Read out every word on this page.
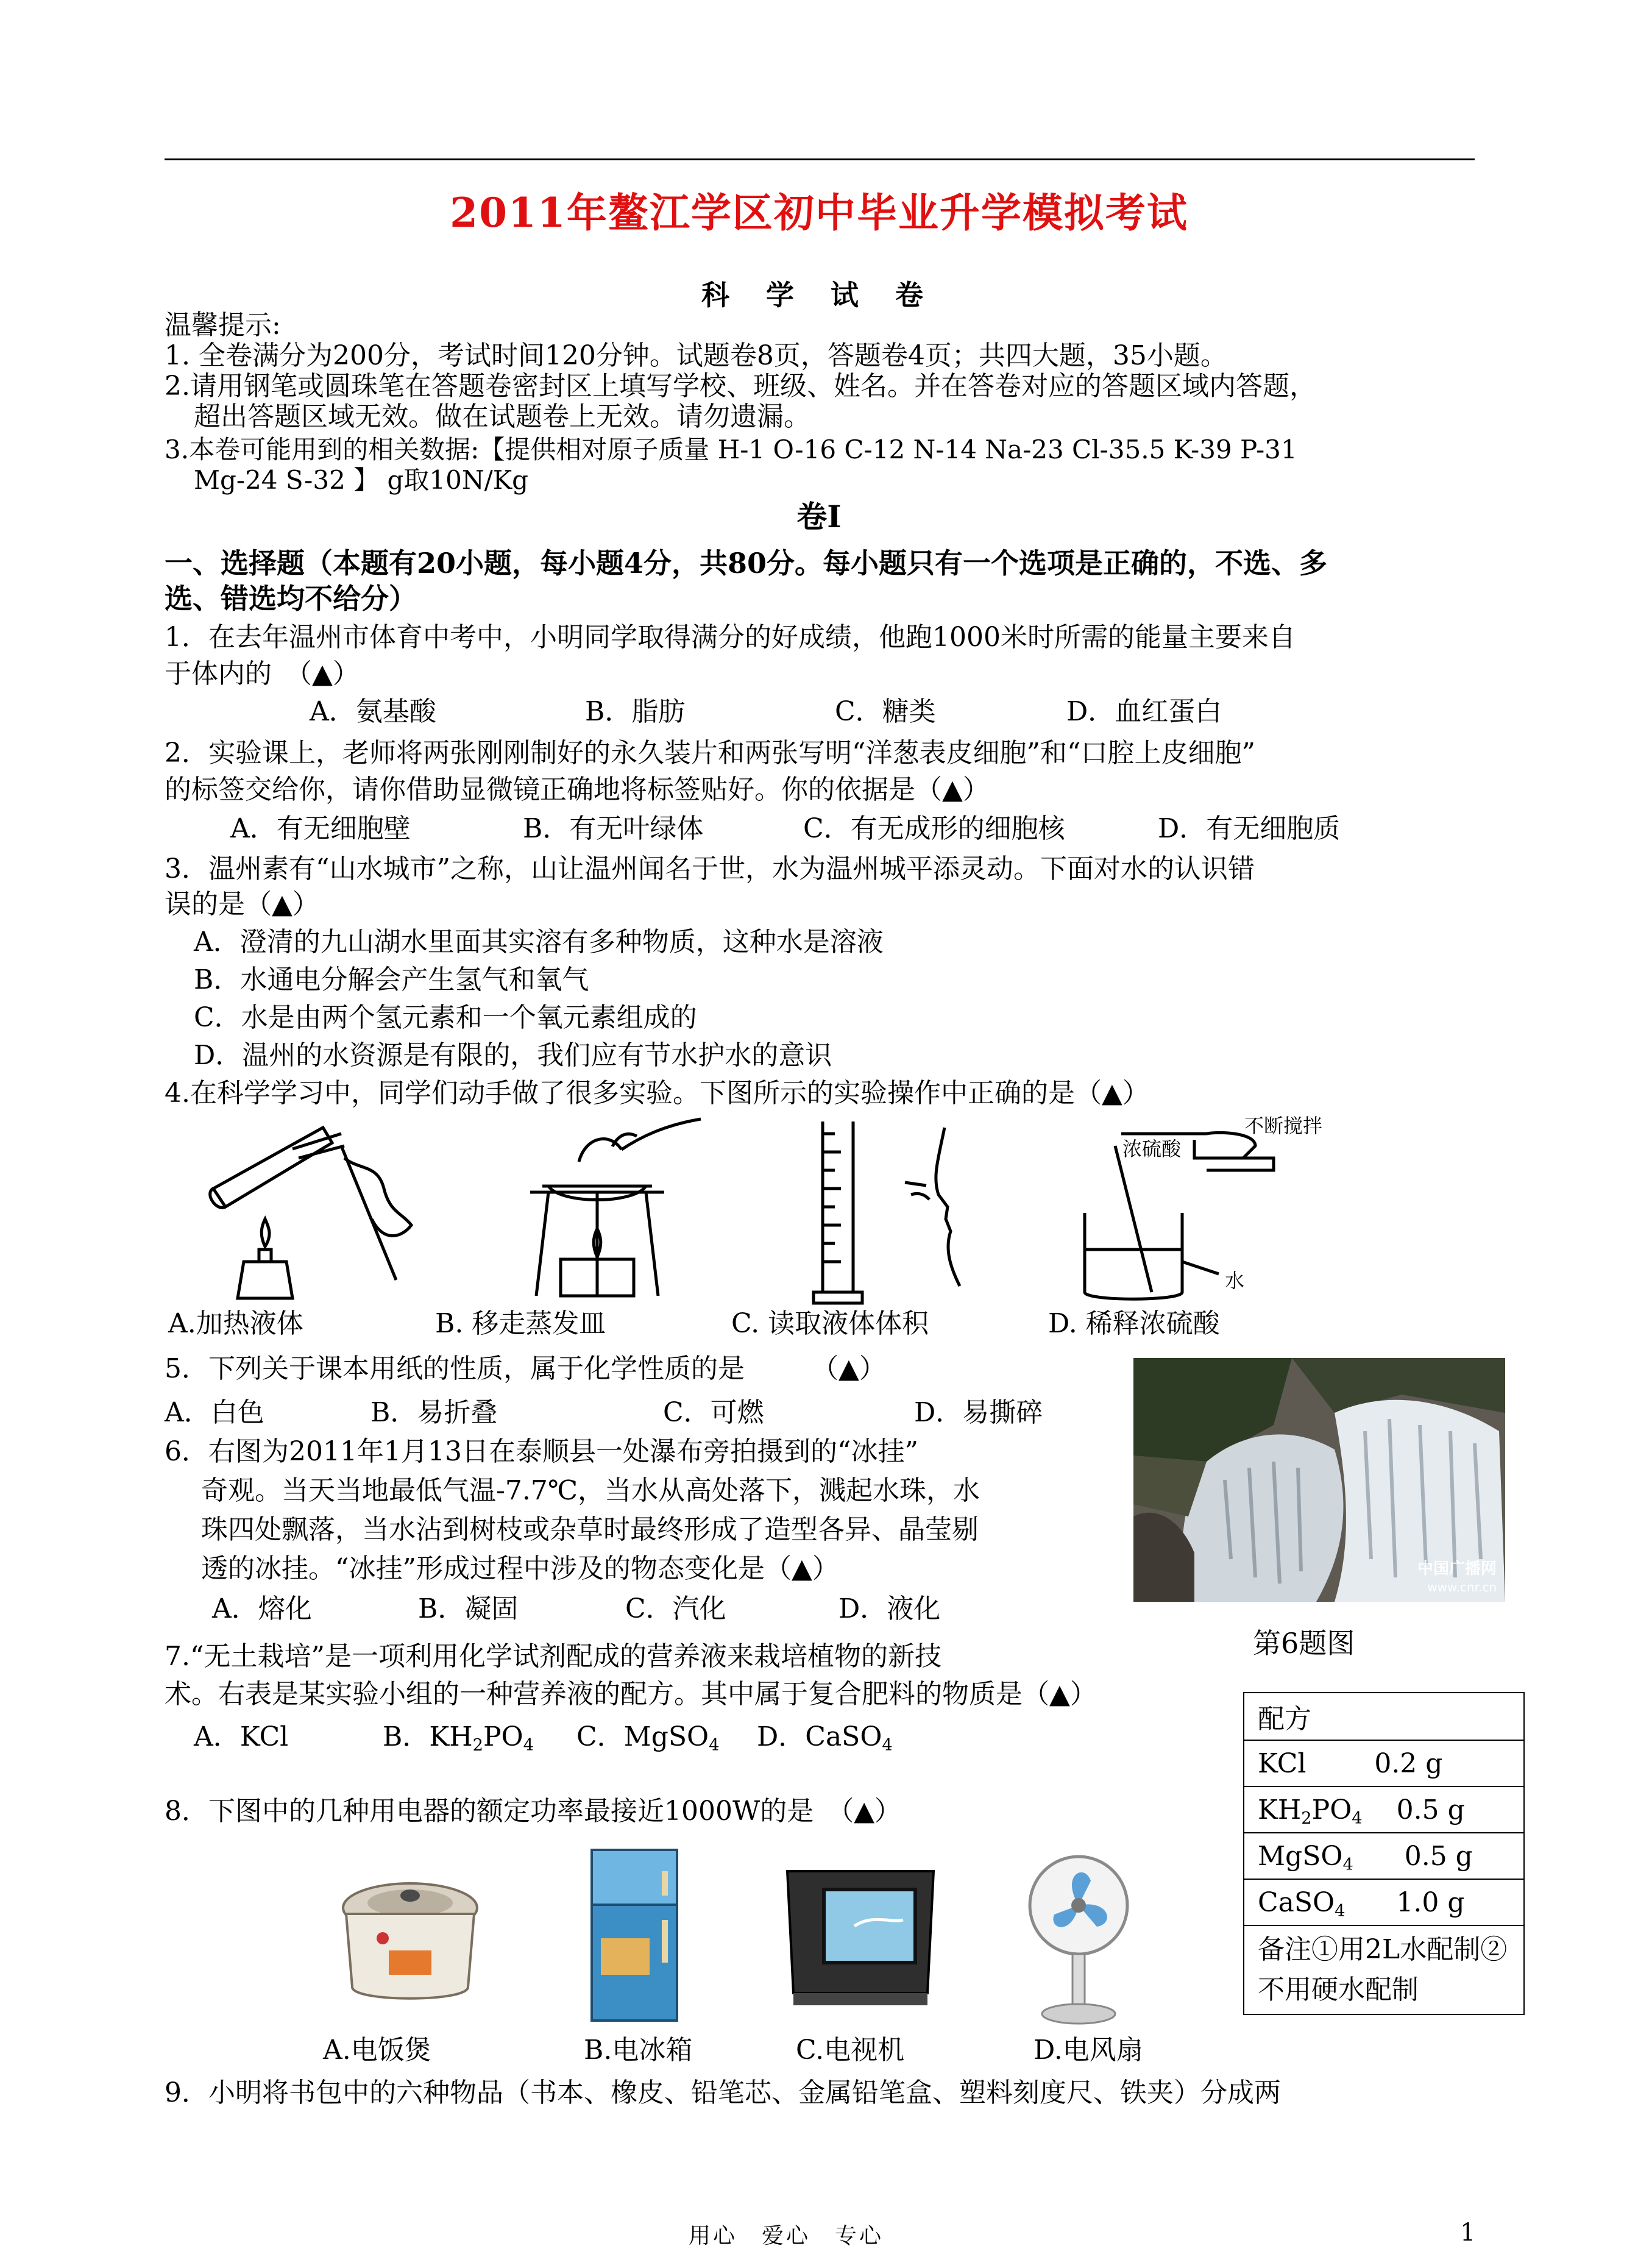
2011年鳌江学区初中毕业升学模拟考试
科 学 试 卷
温馨提示:
1. 全卷满分为200分，考试时间120分钟。试题卷8页，答题卷4页；共四大题，35小题。
2.请用钢笔或圆珠笔在答题卷密封区上填写学校、班级、姓名。并在答卷对应的答题区域内答题，
超出答题区域无效。做在试题卷上无效。请勿遗漏。
3.本卷可能用到的相关数据:【提供相对原子质量 H-1 O-16 C-12 N-14 Na-23 Cl-35.5 K-39 P-31
Mg-24 S-32 】 g取10N/Kg
卷Ⅰ
一、选择题（本题有20小题，每小题4分，共80分。每小题只有一个选项是正确的，不选、多
选、错选均不给分）
1．在去年温州市体育中考中，小明同学取得满分的好成绩，他跑1000米时所需的能量主要来自
于体内的　（▲）
A．氨基酸	B．脂肪	C．糖类	D．血红蛋白
2．实验课上，老师将两张刚刚制好的永久装片和两张写明“洋葱表皮细胞”和“口腔上皮细胞”
的标签交给你，请你借助显微镜正确地将标签贴好。你的依据是（▲）
A．有无细胞壁	B．有无叶绿体	C．有无成形的细胞核	D．有无细胞质
3．温州素有“山水城市”之称，山让温州闻名于世，水为温州城平添灵动。下面对水的认识错
误的是（▲）
A．澄清的九山湖水里面其实溶有多种物质，这种水是溶液
B．水通电分解会产生氢气和氧气
C．水是由两个氢元素和一个氧元素组成的
D．温州的水资源是有限的，我们应有节水护水的意识
4.在科学学习中，同学们动手做了很多实验。下图所示的实验操作中正确的是（▲）
不断搅拌
浓硫酸
水
A.加热液体	B. 移走蒸发皿	C. 读取液体体积	D. 稀释浓硫酸
5．下列关于课本用纸的性质，属于化学性质的是　　　（▲）
A．白色	B．易折叠	C．可燃	D．易撕碎
中国广播网
www.cnr.cn
6．右图为2011年1月13日在泰顺县一处瀑布旁拍摄到的“冰挂”
奇观。当天当地最低气温-7.7℃，当水从高处落下，溅起水珠，水
珠四处飘落，当水沾到树枝或杂草时最终形成了造型各异、晶莹剔
透的冰挂。“冰挂”形成过程中涉及的物态变化是（▲）
A．熔化	B．凝固	C．汽化	D．液化
第6题图
7.“无土栽培”是一项利用化学试剂配成的营养液来栽培植物的新技
术。右表是某实验小组的一种营养液的配方。其中属于复合肥料的物质是（▲）
A．KCl	B．$KH_2PO_4$ C．MgSO$_4$ D．CaSO$_4$
配方
KCl	0.2 g
$KH_2PO_4$ 0.5 g
MgSO$_4$ 0.5 g
CaSO$_4$ 1.0 g
备注①用2L水配制②不用硬水配制
8．下图中的几种用电器的额定功率最接近1000W的是　（▲）
A.电饭煲	B.电冰箱	C.电视机	D.电风扇
9．小明将书包中的六种物品（书本、橡皮、铅笔芯、金属铅笔盒、塑料刻度尺、铁夹）分成两
用心　爱心　专心	1
